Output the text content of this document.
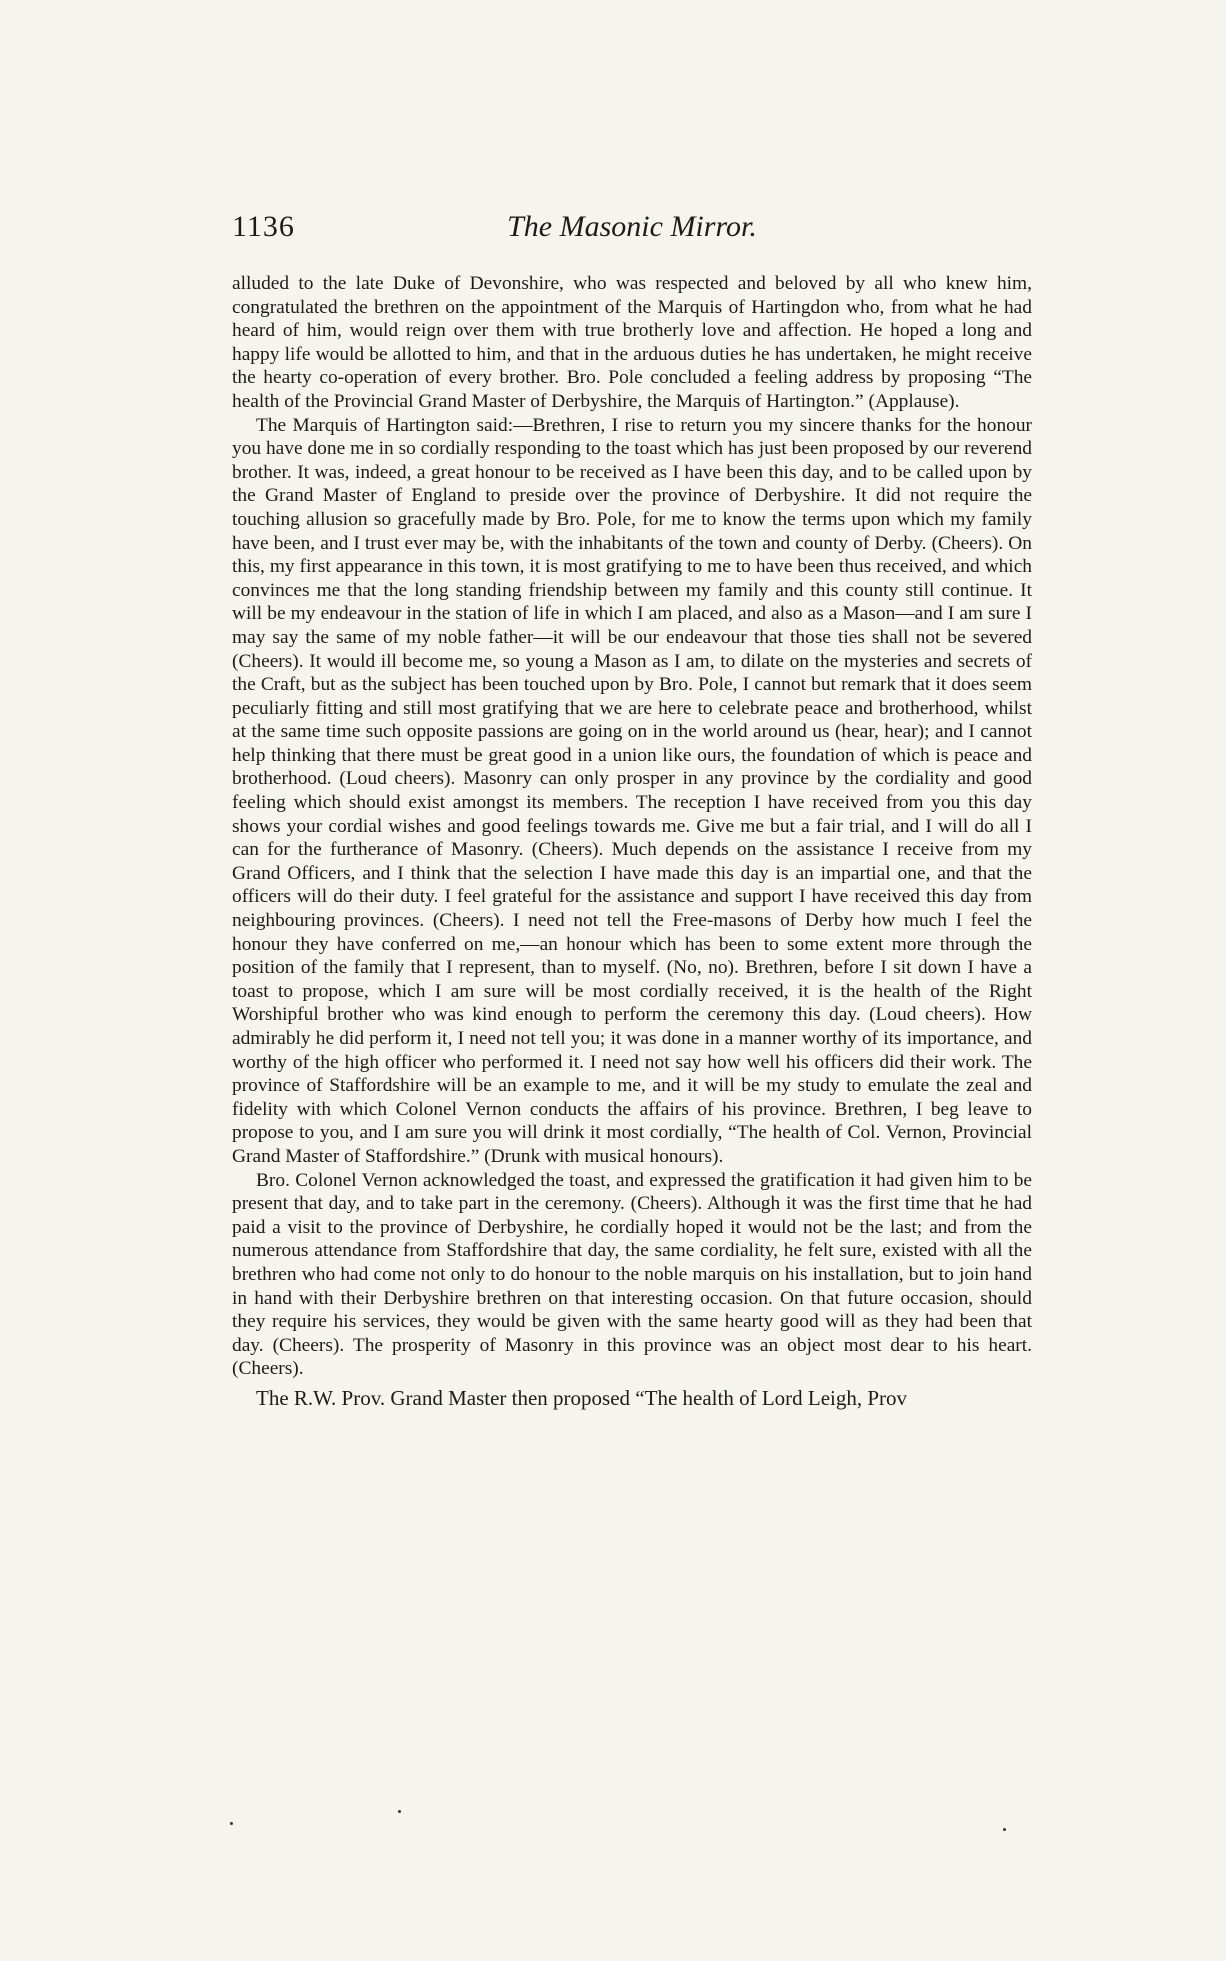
1136	The Masonic Mirror.

alluded to the late Duke of Devonshire, who was respected and beloved by all who knew him, congratulated the brethren on the appointment of the Marquis of Hartingdon who, from what he had heard of him, would reign over them with true brotherly love and affection. He hoped a long and happy life would be allotted to him, and that in the arduous duties he has undertaken, he might receive the hearty co-operation of every brother. Bro. Pole concluded a feeling address by proposing “The health of the Provincial Grand Master of Derbyshire, the Marquis of Hartington.” (Applause).

The Marquis of Hartington said:—Brethren, I rise to return you my sincere thanks for the honour you have done me in so cordially responding to the toast which has just been proposed by our reverend brother. It was, indeed, a great honour to be received as I have been this day, and to be called upon by the Grand Master of England to preside over the province of Derbyshire. It did not require the touching allusion so gracefully made by Bro. Pole, for me to know the terms upon which my family have been, and I trust ever may be, with the inhabitants of the town and county of Derby. (Cheers). On this, my first appearance in this town, it is most gratifying to me to have been thus received, and which convinces me that the long standing friendship between my family and this county still continue. It will be my endeavour in the station of life in which I am placed, and also as a Mason—and I am sure I may say the same of my noble father—it will be our endeavour that those ties shall not be severed (Cheers). It would ill become me, so young a Mason as I am, to dilate on the mysteries and secrets of the Craft, but as the subject has been touched upon by Bro. Pole, I cannot but remark that it does seem peculiarly fitting and still most gratifying that we are here to celebrate peace and brotherhood, whilst at the same time such opposite passions are going on in the world around us (hear, hear); and I cannot help thinking that there must be great good in a union like ours, the foundation of which is peace and brotherhood. (Loud cheers). Masonry can only prosper in any province by the cordiality and good feeling which should exist amongst its members. The reception I have received from you this day shows your cordial wishes and good feelings towards me. Give me but a fair trial, and I will do all I can for the furtherance of Masonry. (Cheers). Much depends on the assistance I receive from my Grand Officers, and I think that the selection I have made this day is an impartial one, and that the officers will do their duty. I feel grateful for the assistance and support I have received this day from neighbouring provinces. (Cheers). I need not tell the Free-masons of Derby how much I feel the honour they have conferred on me,—an honour which has been to some extent more through the position of the family that I represent, than to myself. (No, no). Brethren, before I sit down I have a toast to propose, which I am sure will be most cordially received, it is the health of the Right Worshipful brother who was kind enough to perform the ceremony this day. (Loud cheers). How admirably he did perform it, I need not tell you; it was done in a manner worthy of its importance, and worthy of the high officer who performed it. I need not say how well his officers did their work. The province of Staffordshire will be an example to me, and it will be my study to emulate the zeal and fidelity with which Colonel Vernon conducts the affairs of his province. Brethren, I beg leave to propose to you, and I am sure you will drink it most cordially, “The health of Col. Vernon, Provincial Grand Master of Staffordshire.” (Drunk with musical honours).

Bro. Colonel Vernon acknowledged the toast, and expressed the gratification it had given him to be present that day, and to take part in the ceremony. (Cheers). Although it was the first time that he had paid a visit to the province of Derbyshire, he cordially hoped it would not be the last; and from the numerous attendance from Staffordshire that day, the same cordiality, he felt sure, existed with all the brethren who had come not only to do honour to the noble marquis on his installation, but to join hand in hand with their Derbyshire brethren on that interesting occasion. On that future occasion, should they require his services, they would be given with the same hearty good will as they had been that day. (Cheers). The prosperity of Masonry in this province was an object most dear to his heart. (Cheers).

The R.W. Prov. Grand Master then proposed “The health of Lord Leigh, Prov
